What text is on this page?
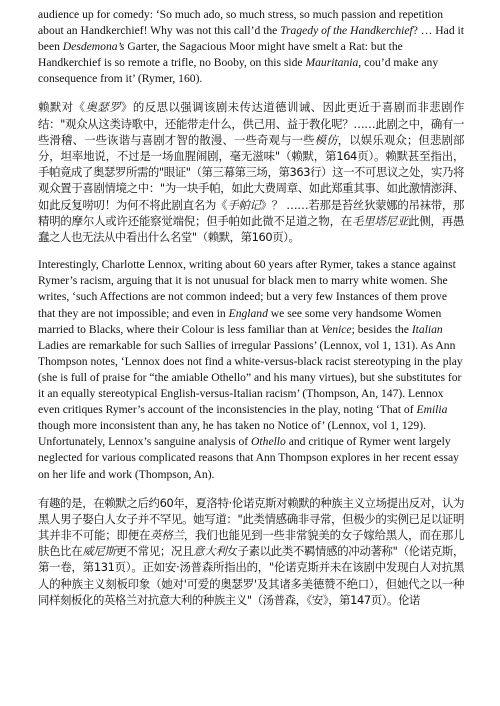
audience up for comedy: ‘So much ado, so much stress, so much passion and repetition about an Handkerchief! Why was not this call’d the Tragedy of the Handkerchief? … Had it been Desdemona’s Garter, the Sagacious Moor might have smelt a Rat: but the Handkerchief is so remote a trifle, no Booby, on this side Mauritania, cou’d make any consequence from it’ (Rymer, 160).

赖默对《奥瑟罗》的反思以强调该剧未传达道德训诫、因此更近于喜剧而非悲剧作结："观众从这类诗歌中，还能带走什么，供己用、益于教化呢？……此剧之中，确有一些滑稽、一些诙谐与喜剧才智的散漫、一些奇观与一些模仿，以娱乐观众；但悲剧部分，坦率地说，不过是一场血腥闹剧，毫无滋味"（赖默，第164页）。赖默甚至指出，手帕竟成了奥瑟罗所需的"眼证"（第三幕第三场，第363行）这一不可思议之处，实乃将观众置于喜剧情境之中："为一块手帕，如此大费周章、如此郑重其事、如此激情澎湃、如此反复唠叨！为何不将此剧直名为《手帕记》？ ……若那是苔丝狄蒙娜的吊袜带，那精明的摩尔人或许还能察觉端倪；但手帕如此微不足道之物，在毛里塔尼亚此侧，再愚蠢之人也无法从中看出什么名堂"（赖默，第160页）。

Interestingly, Charlotte Lennox, writing about 60 years after Rymer, takes a stance against Rymer’s racism, arguing that it is not unusual for black men to marry white women. She writes, ‘such Affections are not common indeed; but a very few Instances of them prove that they are not impossible; and even in England we see some very handsome Women married to Blacks, where their Colour is less familiar than at Venice; besides the Italian Ladies are remarkable for such Sallies of irregular Passions’ (Lennox, vol 1, 131). As Ann Thompson notes, ‘Lennox does not find a white-versus-black racist stereotyping in the play (she is full of praise for “the amiable Othello” and his many virtues), but she substitutes for it an equally stereotypical English-versus-Italian racism’ (Thompson, An, 147). Lennox even critiques Rymer’s account of the inconsistencies in the play, noting ‘That of Emilia though more inconsistent than any, he has taken no Notice of’ (Lennox, vol 1, 129). Unfortunately, Lennox’s sanguine analysis of Othello and critique of Rymer went largely neglected for various complicated reasons that Ann Thompson explores in her recent essay on her life and work (Thompson, An).

有趣的是，在赖默之后约60年，夏洛特·伦诺克斯对赖默的种族主义立场提出反对，认为黑人男子娶白人女子并不罕见。她写道："此类情感确非寻常，但极少的实例已足以证明其并非不可能；即便在英格兰，我们也能见到一些非常貌美的女子嫁给黑人，而在那儿肤色比在威尼斯更不常见；况且意大利女子素以此类不羁情感的冲动著称"（伦诺克斯，第一卷，第131页）。正如安·汤普森所指出的，"伦诺克斯并未在该剧中发现白人对抗黑人的种族主义刻板印象（她对'可爱的奥瑟罗'及其诸多美德赞不绝口），但她代之以一种同样刻板化的英格兰对抗意大利的种族主义"（汤普森，《安》，第147页）。伦诺
